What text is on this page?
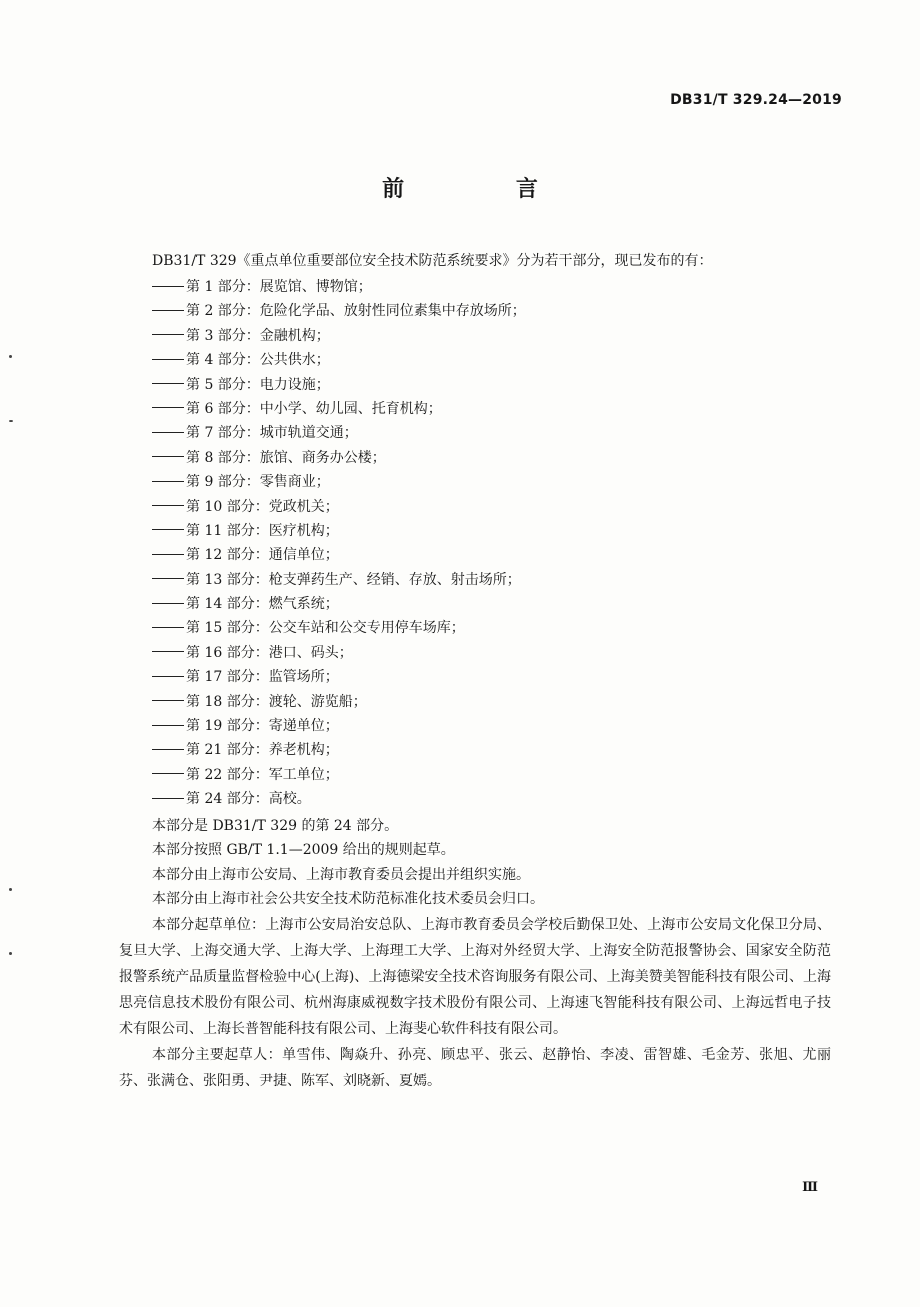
DB31/T 329.24—2019
前 言
DB31/T 329《重点单位重要部位安全技术防范系统要求》分为若干部分，现已发布的有：
第 1 部分：展览馆、博物馆；
第 2 部分：危险化学品、放射性同位素集中存放场所；
第 3 部分：金融机构；
第 4 部分：公共供水；
第 5 部分：电力设施；
第 6 部分：中小学、幼儿园、托育机构；
第 7 部分：城市轨道交通；
第 8 部分：旅馆、商务办公楼；
第 9 部分：零售商业；
第 10 部分：党政机关；
第 11 部分：医疗机构；
第 12 部分：通信单位；
第 13 部分：枪支弹药生产、经销、存放、射击场所；
第 14 部分：燃气系统；
第 15 部分：公交车站和公交专用停车场库；
第 16 部分：港口、码头；
第 17 部分：监管场所；
第 18 部分：渡轮、游览船；
第 19 部分：寄递单位；
第 21 部分：养老机构；
第 22 部分：军工单位；
第 24 部分：高校。
本部分是 DB31/T 329 的第 24 部分。
本部分按照 GB/T 1.1—2009 给出的规则起草。
本部分由上海市公安局、上海市教育委员会提出并组织实施。
本部分由上海市社会公共安全技术防范标准化技术委员会归口。

本部分起草单位：上海市公安局治安总队、上海市教育委员会学校后勤保卫处、上海市公安局文化保卫分局、复旦大学、上海交通大学、上海大学、上海理工大学、上海对外经贸大学、上海安全防范报警协会、国家安全防范报警系统产品质量监督检验中心(上海)、上海德梁安全技术咨询服务有限公司、上海美赞美智能科技有限公司、上海思亮信息技术股份有限公司、杭州海康威视数字技术股份有限公司、上海速飞智能科技有限公司、上海远哲电子技术有限公司、上海长普智能科技有限公司、上海斐心软件科技有限公司。

本部分主要起草人：单雪伟、陶焱升、孙亮、顾忠平、张云、赵静怡、李凌、雷智雄、毛金芳、张旭、尤丽芬、张满仓、张阳勇、尹捷、陈军、刘晓新、夏嫣。

Ⅲ
